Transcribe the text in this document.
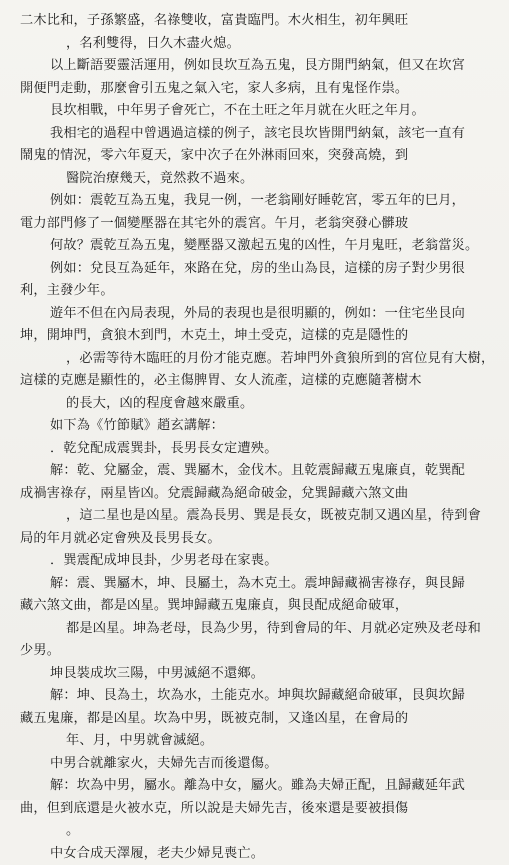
二木比和，子孫繁盛，名祿雙收，富貴臨門。木火相生，初年興旺
，名利雙得，日久木盡火熄。
以上斷語要靈活運用，例如艮坎互為五鬼，艮方開門納氣，但又在坎宮
開便門走動，那麼會引五鬼之氣入宅，家人多病，且有鬼怪作祟。
艮坎相戰，中年男子會死亡，不在土旺之年月就在火旺之年月。
我相宅的過程中曾遇過這樣的例子，該宅艮坎皆開門納氣，該宅一直有
鬧鬼的情況，零六年夏天，家中次子在外淋雨回來，突發高燒，到
醫院治療幾天，竟然救不過來。
例如：震乾互為五鬼，我見一例，一老翁剛好睡乾宮，零五年的巳月，
電力部門修了一個變壓器在其宅外的震宮。午月，老翁突發心髒玻
何故？震乾互為五鬼，變壓器又激起五鬼的凶性，午月鬼旺，老翁當災。
例如：兌艮互為延年，來路在兌，房的坐山為艮，這樣的房子對少男很
利，主發少年。
遊年不但在內局表現，外局的表現也是很明顯的，例如：一住宅坐艮向
坤，開坤門，貪狼木到門，木克土，坤土受克，這樣的克是隱性的
，必需等待木臨旺的月份才能克應。若坤門外貪狼所到的宮位見有大樹，
這樣的克應是顯性的，必主傷脾胃、女人流產，這樣的克應隨著樹木
的長大，凶的程度會越來嚴重。
如下為《竹節賦》趙玄講解：
．乾兌配成震巽卦，長男長女定遭殃。
解：乾、兌屬金，震、巽屬木，金伐木。且乾震歸藏五鬼廉貞，乾巽配
成禍害祿存，兩星皆凶。兌震歸藏為絕命破金，兌巽歸藏六煞文曲
，這二星也是凶星。震為長男、巽是長女，既被克制又遇凶星，待到會
局的年月就必定會殃及長男長女。
．巽震配成坤艮卦，少男老母在家喪。
解：震、巽屬木，坤、艮屬土，為木克土。震坤歸藏禍害祿存，與艮歸
藏六煞文曲，都是凶星。巽坤歸藏五鬼廉貞，與艮配成絕命破軍，
都是凶星。坤為老母，艮為少男，待到會局的年、月就必定殃及老母和
少男。
坤艮裝成坎三陽，中男滅絕不還鄉。
解：坤、艮為土，坎為水，土能克水。坤與坎歸藏絕命破軍，艮與坎歸
藏五鬼廉，都是凶星。坎為中男，既被克制，又逢凶星，在會局的
年、月，中男就會滅絕。
中男合就離家火，夫婦先吉而後還傷。
解：坎為中男，屬水。離為中女，屬火。雖為夫婦正配，且歸藏延年武
曲，但到底還是火被水克，所以說是夫婦先吉，後來還是要被損傷
。
中女合成天澤履，老夫少婦見喪亡。
